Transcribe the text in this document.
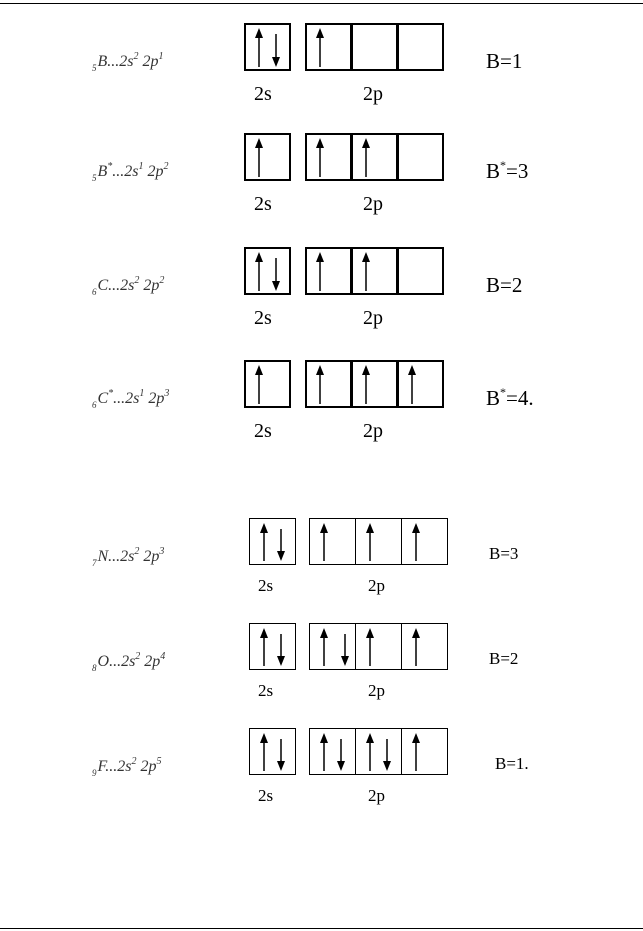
$_5B...2s^2$ $2p^1$
2s	2p
B=1
$_5B^*...2s^1$ $2p^2$
2s	2p
B*=3
$_6C...2s^2$ $2p^2$
2s	2p
B=2
$_6C^*...2s^1$ $2p^3$
2s	2p
B*=4.
$_7N...2s^2$ $2p^3$
2s	2p
B=3
$_8O...2s^2$ $2p^4$
2s	2p
B=2
$_9F...2s^2$ $2p^5$
2s	2p
B=1.
